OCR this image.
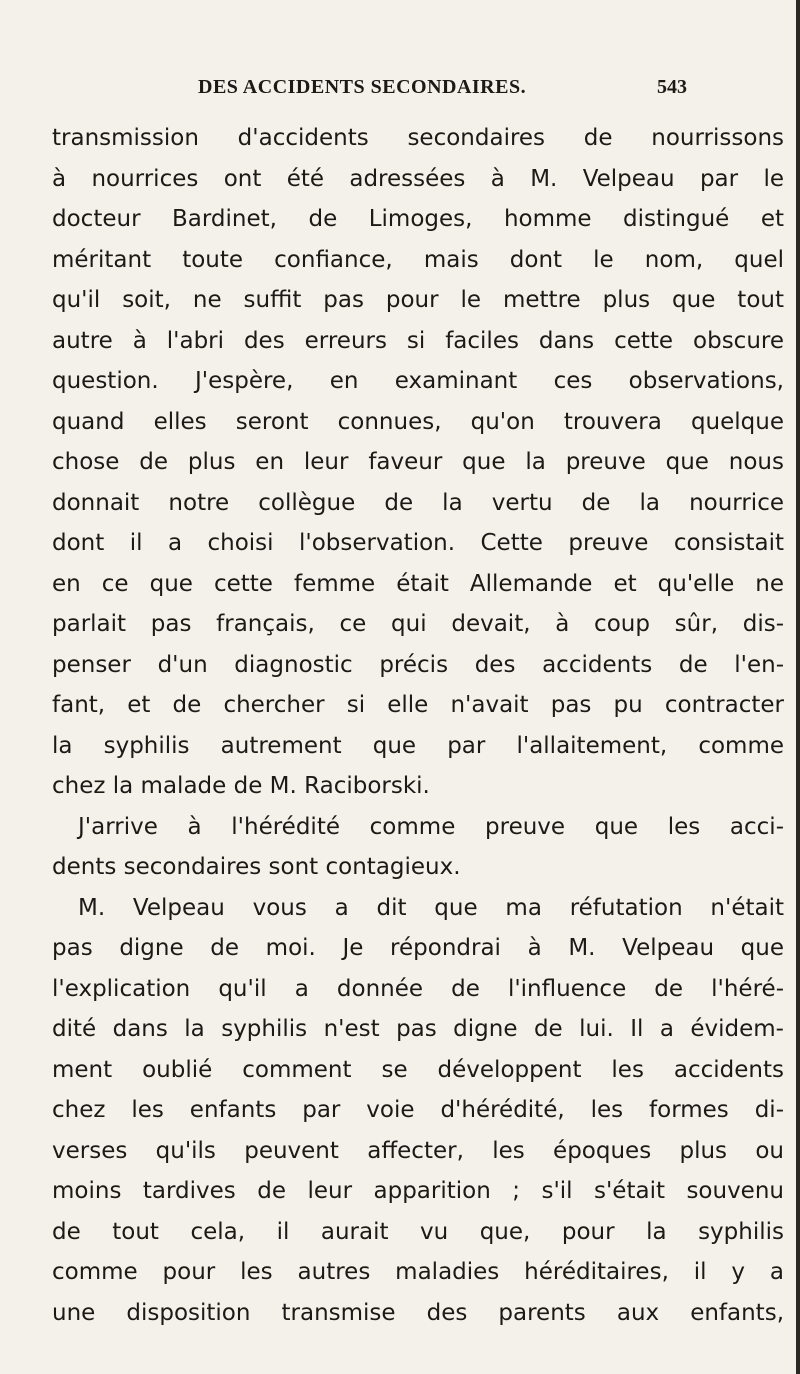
DES ACCIDENTS SECONDAIRES.	543
transmission d'accidents secondaires de nourrissons
à nourrices ont été adressées à M. Velpeau par le
docteur Bardinet, de Limoges, homme distingué et
méritant toute confiance, mais dont le nom, quel
qu'il soit, ne suffit pas pour le mettre plus que tout
autre à l'abri des erreurs si faciles dans cette obscure
question. J'espère, en examinant ces observations,
quand elles seront connues, qu'on trouvera quelque
chose de plus en leur faveur que la preuve que nous
donnait notre collègue de la vertu de la nourrice
dont il a choisi l'observation. Cette preuve consistait
en ce que cette femme était Allemande et qu'elle ne
parlait pas français, ce qui devait, à coup sûr, dis-
penser d'un diagnostic précis des accidents de l'en-
fant, et de chercher si elle n'avait pas pu contracter
la syphilis autrement que par l'allaitement, comme
chez la malade de M. Raciborski.
J'arrive à l'hérédité comme preuve que les acci-
dents secondaires sont contagieux.
M. Velpeau vous a dit que ma réfutation n'était
pas digne de moi. Je répondrai à M. Velpeau que
l'explication qu'il a donnée de l'influence de l'héré-
dité dans la syphilis n'est pas digne de lui. Il a évidem-
ment oublié comment se développent les accidents
chez les enfants par voie d'hérédité, les formes di-
verses qu'ils peuvent affecter, les époques plus ou
moins tardives de leur apparition ; s'il s'était souvenu
de tout cela, il aurait vu que, pour la syphilis
comme pour les autres maladies héréditaires, il y a
une disposition transmise des parents aux enfants,
